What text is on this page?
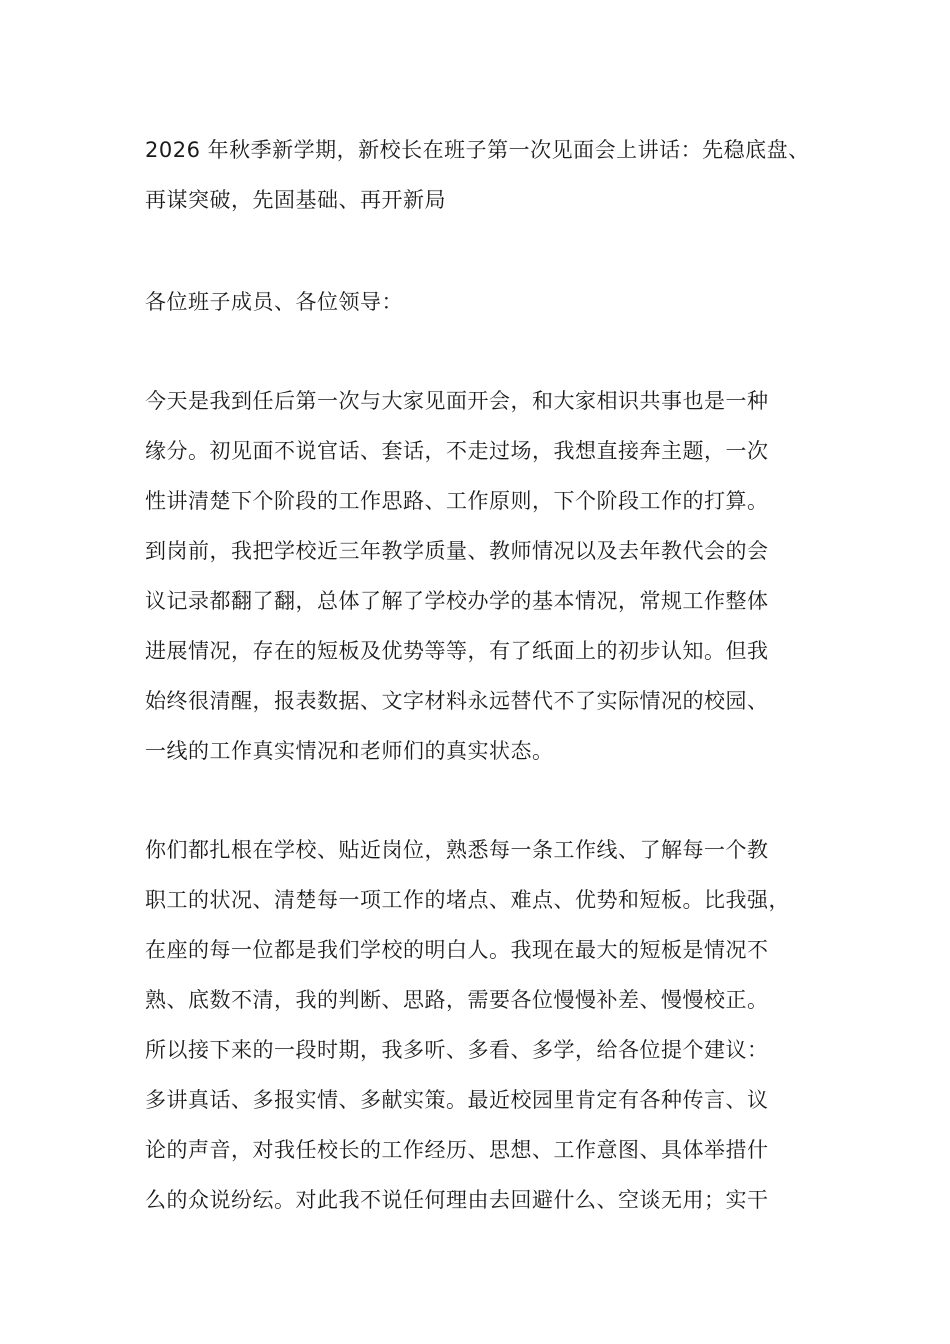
2026 年秋季新学期，新校长在班子第一次见面会上讲话：先稳底盘、

再谋突破，先固基础、再开新局

各位班子成员、各位领导：

今天是我到任后第一次与大家见面开会，和大家相识共事也是一种

缘分。初见面不说官话、套话，不走过场，我想直接奔主题，一次

性讲清楚下个阶段的工作思路、工作原则，下个阶段工作的打算。

到岗前，我把学校近三年教学质量、教师情况以及去年教代会的会

议记录都翻了翻，总体了解了学校办学的基本情况，常规工作整体

进展情况，存在的短板及优势等等，有了纸面上的初步认知。但我

始终很清醒，报表数据、文字材料永远替代不了实际情况的校园、

一线的工作真实情况和老师们的真实状态。

你们都扎根在学校、贴近岗位，熟悉每一条工作线、了解每一个教

职工的状况、清楚每一项工作的堵点、难点、优势和短板。比我强，

在座的每一位都是我们学校的明白人。我现在最大的短板是情况不

熟、底数不清，我的判断、思路，需要各位慢慢补差、慢慢校正。

所以接下来的一段时期，我多听、多看、多学，给各位提个建议：

多讲真话、多报实情、多献实策。最近校园里肯定有各种传言、议

论的声音，对我任校长的工作经历、思想、工作意图、具体举措什

么的众说纷纭。对此我不说任何理由去回避什么、空谈无用；实干
